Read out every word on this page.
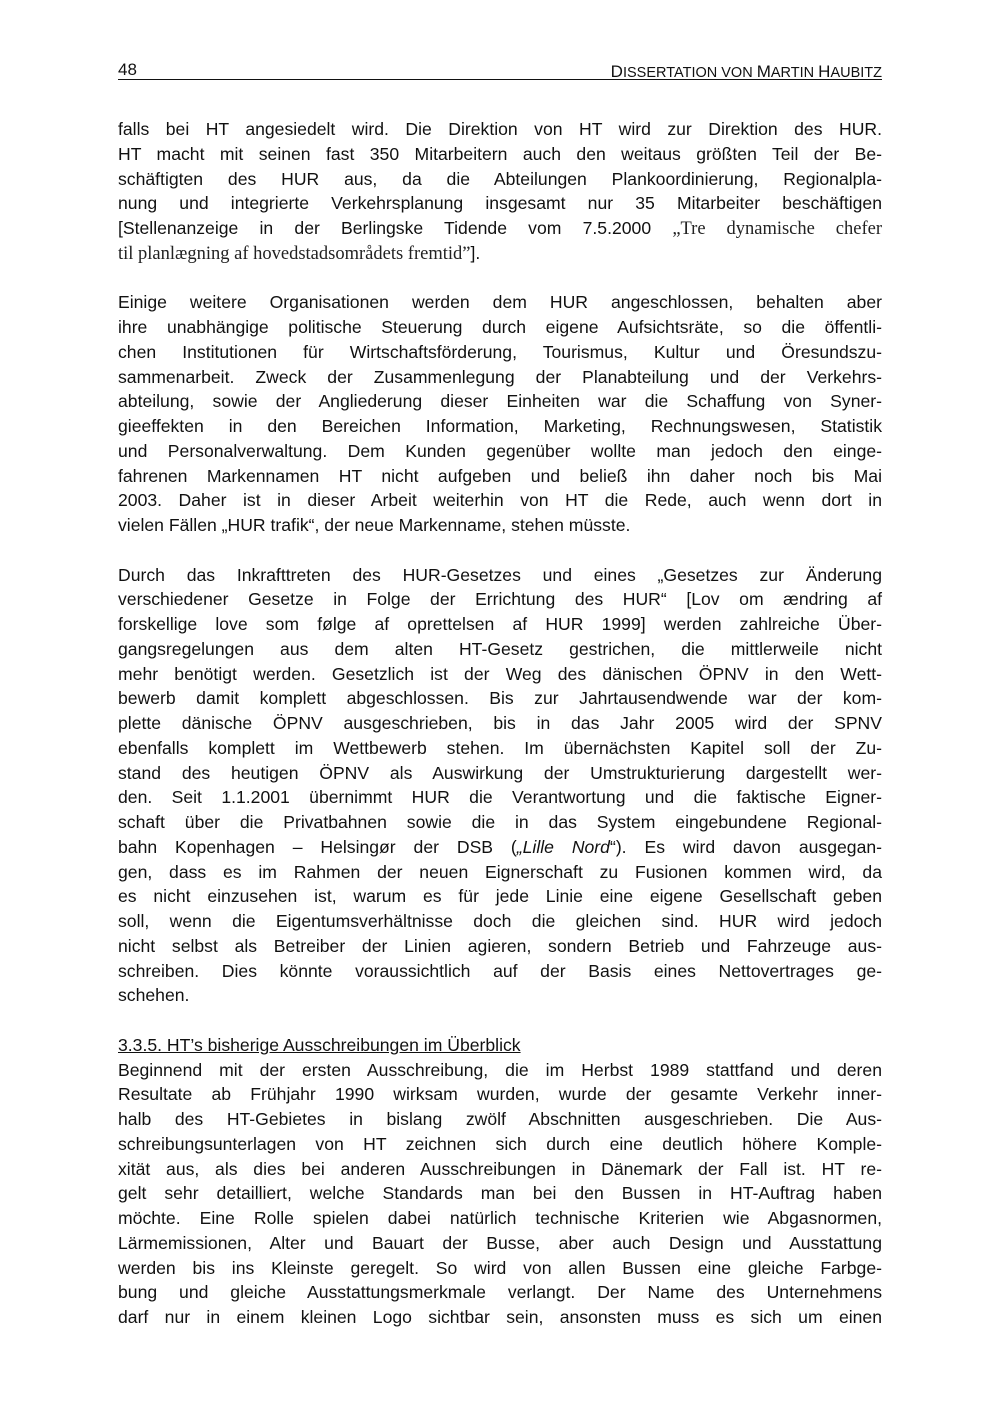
48	DISSERTATION VON MARTIN HAUBITZ
falls bei HT angesiedelt wird. Die Direktion von HT wird zur Direktion des HUR.
HT macht mit seinen fast 350 Mitarbeitern auch den weitaus größten Teil der Be-
schäftigten des HUR aus, da die Abteilungen Plankoordinierung, Regionalpla-
nung und integrierte Verkehrsplanung insgesamt nur 35 Mitarbeiter beschäftigen
[Stellenanzeige in der Berlingske Tidende vom 7.5.2000 „Tre dynamische chefer
til planlægning af hovedstadsområdets fremtid”].
Einige weitere Organisationen werden dem HUR angeschlossen, behalten aber
ihre unabhängige politische Steuerung durch eigene Aufsichtsräte, so die öffentli-
chen Institutionen für Wirtschaftsförderung, Tourismus, Kultur und Öresundszu-
sammenarbeit. Zweck der Zusammenlegung der Planabteilung und der Verkehrs-
abteilung, sowie der Angliederung dieser Einheiten war die Schaffung von Syner-
gieeffekten in den Bereichen Information, Marketing, Rechnungswesen, Statistik
und Personalverwaltung. Dem Kunden gegenüber wollte man jedoch den einge-
fahrenen Markennamen HT nicht aufgeben und beließ ihn daher noch bis Mai
2003. Daher ist in dieser Arbeit weiterhin von HT die Rede, auch wenn dort in
vielen Fällen „HUR trafik“, der neue Markenname, stehen müsste.
Durch das Inkrafttreten des HUR-Gesetzes und eines „Gesetzes zur Änderung
verschiedener Gesetze in Folge der Errichtung des HUR“ [Lov om ændring af
forskellige love som følge af oprettelsen af HUR 1999] werden zahlreiche Über-
gangsregelungen aus dem alten HT-Gesetz gestrichen, die mittlerweile nicht
mehr benötigt werden. Gesetzlich ist der Weg des dänischen ÖPNV in den Wett-
bewerb damit komplett abgeschlossen. Bis zur Jahrtausendwende war der kom-
plette dänische ÖPNV ausgeschrieben, bis in das Jahr 2005 wird der SPNV
ebenfalls komplett im Wettbewerb stehen. Im übernächsten Kapitel soll der Zu-
stand des heutigen ÖPNV als Auswirkung der Umstrukturierung dargestellt wer-
den. Seit 1.1.2001 übernimmt HUR die Verantwortung und die faktische Eigner-
schaft über die Privatbahnen sowie die in das System eingebundene Regional-
bahn Kopenhagen – Helsingør der DSB („Lille Nord“). Es wird davon ausgegan-
gen, dass es im Rahmen der neuen Eignerschaft zu Fusionen kommen wird, da
es nicht einzusehen ist, warum es für jede Linie eine eigene Gesellschaft geben
soll, wenn die Eigentumsverhältnisse doch die gleichen sind. HUR wird jedoch
nicht selbst als Betreiber der Linien agieren, sondern Betrieb und Fahrzeuge aus-
schreiben. Dies könnte voraussichtlich auf der Basis eines Nettovertrages ge-
schehen.
3.3.5. HT’s bisherige Ausschreibungen im Überblick
Beginnend mit der ersten Ausschreibung, die im Herbst 1989 stattfand und deren
Resultate ab Frühjahr 1990 wirksam wurden, wurde der gesamte Verkehr inner-
halb des HT-Gebietes in bislang zwölf Abschnitten ausgeschrieben. Die Aus-
schreibungsunterlagen von HT zeichnen sich durch eine deutlich höhere Komple-
xität aus, als dies bei anderen Ausschreibungen in Dänemark der Fall ist. HT re-
gelt sehr detailliert, welche Standards man bei den Bussen in HT-Auftrag haben
möchte. Eine Rolle spielen dabei natürlich technische Kriterien wie Abgasnormen,
Lärmemissionen, Alter und Bauart der Busse, aber auch Design und Ausstattung
werden bis ins Kleinste geregelt. So wird von allen Bussen eine gleiche Farbge-
bung und gleiche Ausstattungsmerkmale verlangt. Der Name des Unternehmens
darf nur in einem kleinen Logo sichtbar sein, ansonsten muss es sich um einen
